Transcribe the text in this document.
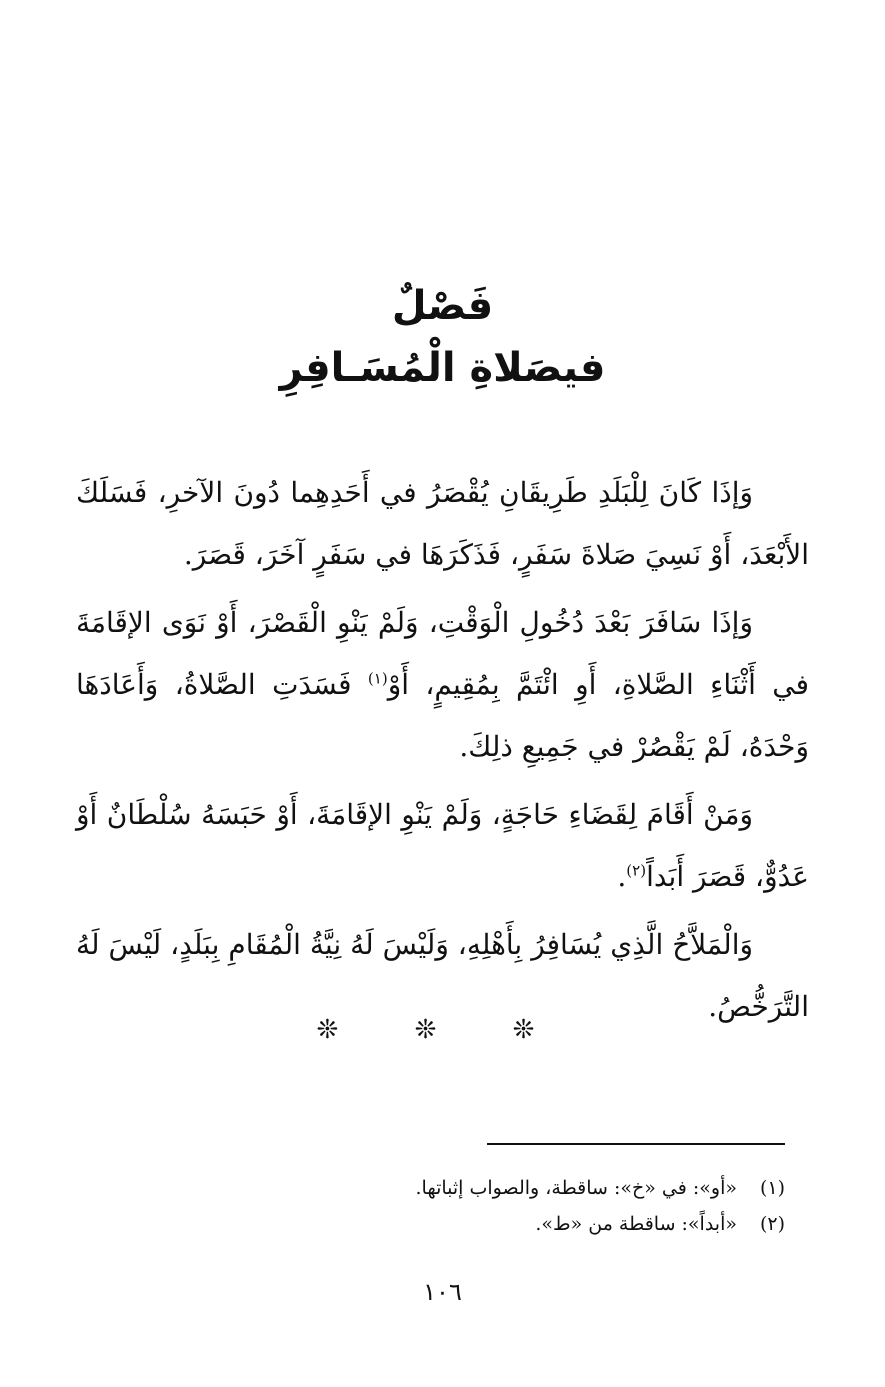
فَصْلٌ
فيصَلاةِ الْمُسَـافِرِ

وَإذَا كَانَ لِلْبَلَدِ طَرِيقَانِ يُقْصَرُ في أَحَدِهِما دُونَ الآخرِ، فَسَلَكَ الأَبْعَدَ، أَوْ نَسِيَ صَلاةَ سَفَرٍ، فَذَكَرَهَا في سَفَرٍ آخَرَ، قَصَرَ.

وَإذَا سَافَرَ بَعْدَ دُخُولِ الْوَقْتِ، وَلَمْ يَنْوِ الْقَصْرَ، أَوْ نَوَى الإقَامَةَ في أَثْنَاءِ الصَّلاةِ، أَوِ ائْتَمَّ بِمُقِيمٍ، أَوْ$^{(١)}$ فَسَدَتِ الصَّلاةُ، وَأَعَادَهَا وَحْدَهُ، لَمْ يَقْصُرْ في جَمِيعِ ذلِكَ.

وَمَنْ أَقَامَ لِقَضَاءِ حَاجَةٍ، وَلَمْ يَنْوِ الإقَامَةَ، أَوْ حَبَسَهُ سُلْطَانٌ أَوْ عَدُوٌّ، قَصَرَ أَبَداً$^{(٢)}$.

وَالْمَلاَّحُ الَّذِي يُسَافِرُ بِأَهْلِهِ، وَلَيْسَ لَهُ نِيَّةُ الْمُقَامِ بِبَلَدٍ، لَيْسَ لَهُ التَّرَخُّصُ.

❊ ❊ ❊
(١)«أو»: في «خ»: ساقطة، والصواب إثباتها.
(٢)«أبداً»: ساقطة من «ط».
١٠٦
